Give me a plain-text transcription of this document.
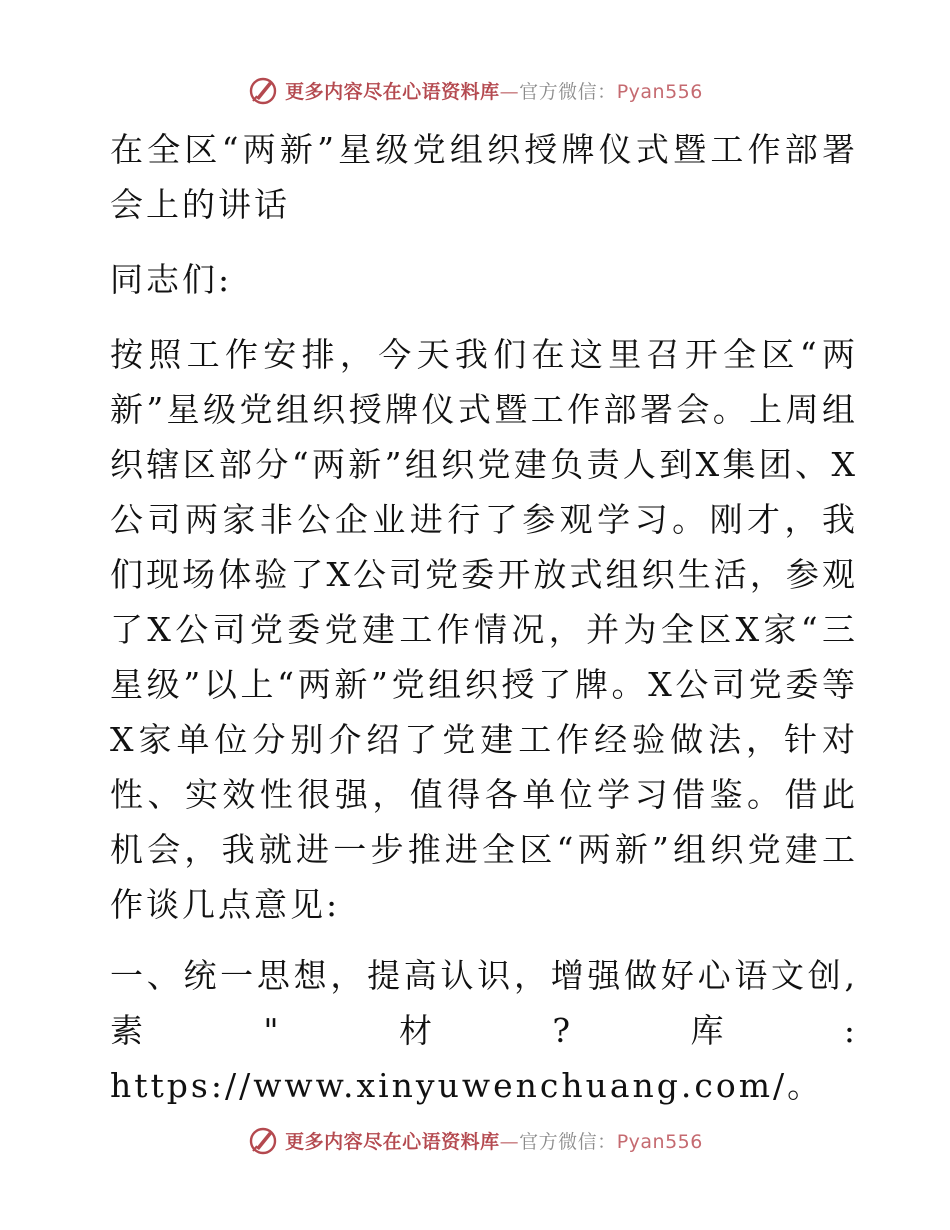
更多内容尽在心语资料库—官方微信：Pyan556

在全区“两新”星级党组织授牌仪式暨工作部署会上的讲话

同志们:

按照工作安排，今天我们在这里召开全区“两新”星级党组织授牌仪式暨工作部署会。上周组织辖区部分“两新”组织党建负责人到X集团、X公司两家非公企业进行了参观学习。刚才，我们现场体验了X公司党委开放式组织生活，参观了X公司党委党建工作情况，并为全区X家“三星级”以上“两新”党组织授了牌。X公司党委等X家单位分别介绍了党建工作经验做法，针对性、实效性很强，值得各单位学习借鉴。借此机会，我就进一步推进全区“两新”组织党建工作谈几点意见:

一、统一思想，提高认识，增强做好心语文创,素"材?库: https://www.xinyuwenchuang.com/。

更多内容尽在心语资料库—官方微信：Pyan556
